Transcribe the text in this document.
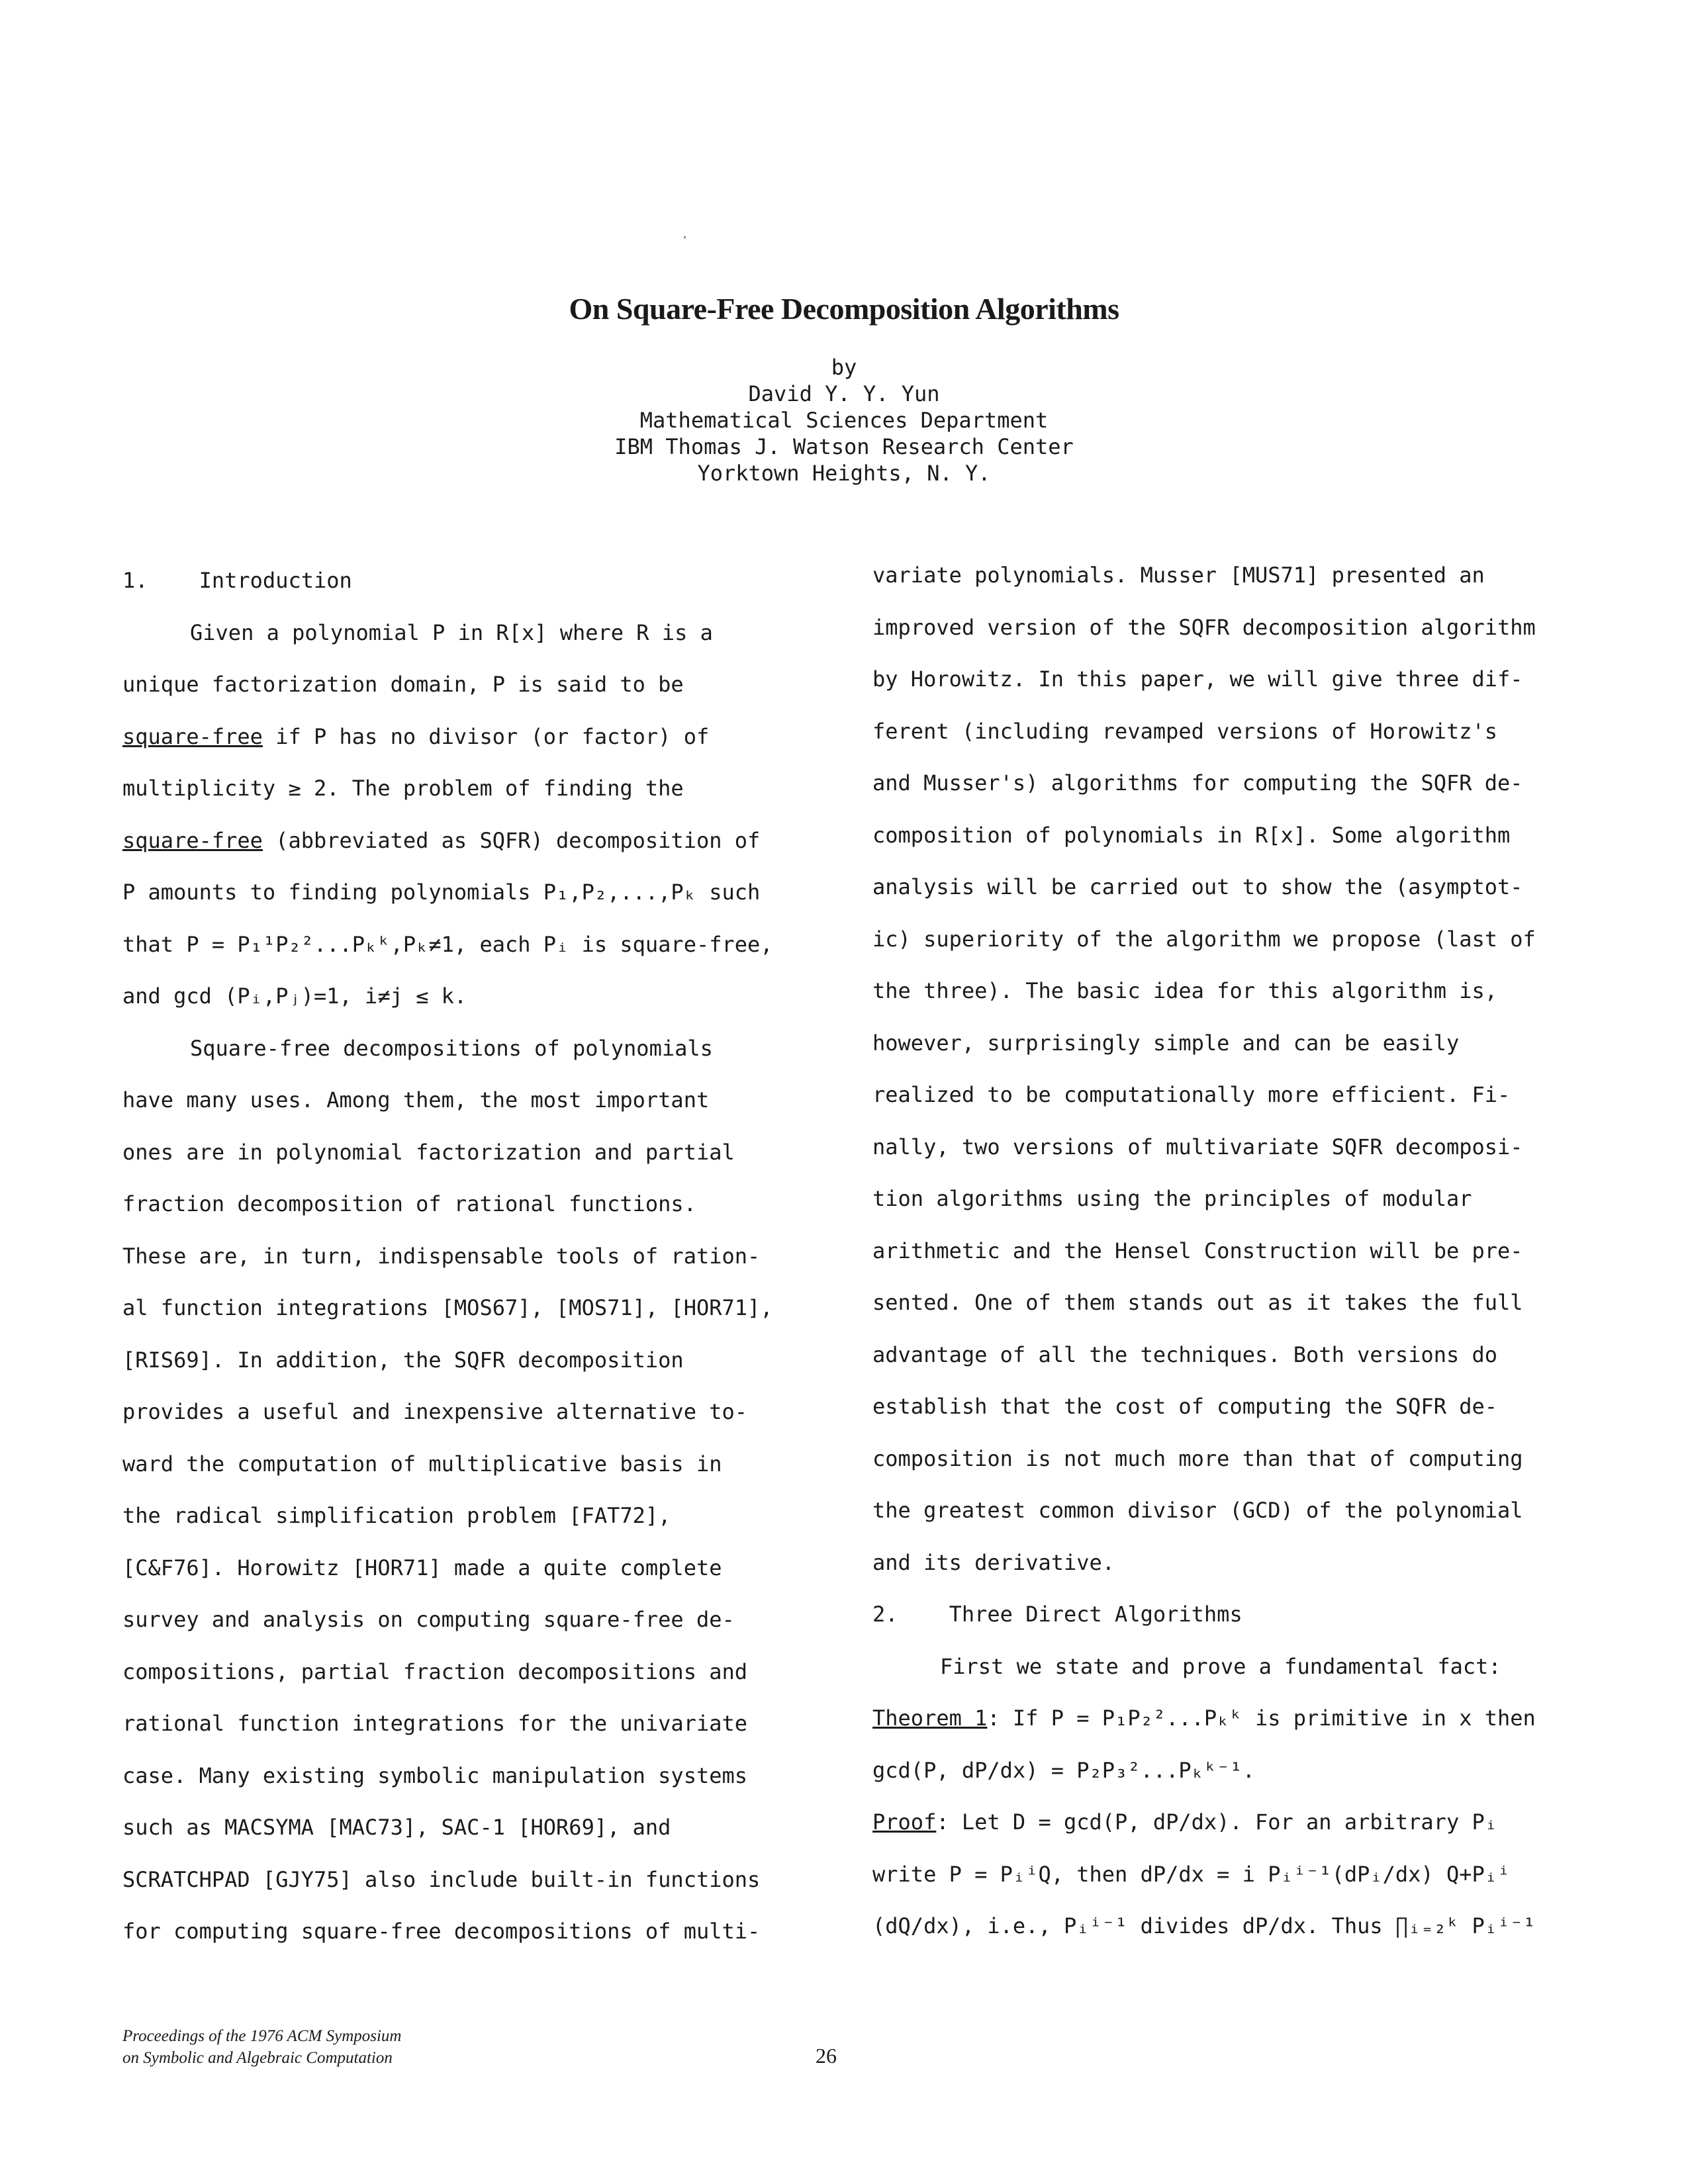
On Square-Free Decomposition Algorithms
by
David Y. Y. Yun
Mathematical Sciences Department
IBM Thomas J. Watson Research Center
Yorktown Heights, N. Y.
1. Introduction
Given a polynomial P in R[x] where R is a
unique factorization domain, P is said to be
square-free if P has no divisor (or factor) of
multiplicity ≥ 2. The problem of finding the
square-free (abbreviated as SQFR) decomposition of
P amounts to finding polynomials P₁,P₂,...,Pₖ such
that P = P₁¹P₂²...Pₖᵏ,Pₖ≠1, each Pᵢ is square-free,
and gcd (Pᵢ,Pⱼ)=1, i≠j ≤ k.
Square-free decompositions of polynomials
have many uses. Among them, the most important
ones are in polynomial factorization and partial
fraction decomposition of rational functions.
These are, in turn, indispensable tools of ration-
al function integrations [MOS67], [MOS71], [HOR71],
[RIS69]. In addition, the SQFR decomposition
provides a useful and inexpensive alternative to-
ward the computation of multiplicative basis in
the radical simplification problem [FAT72],
[C&F76]. Horowitz [HOR71] made a quite complete
survey and analysis on computing square-free de-
compositions, partial fraction decompositions and
rational function integrations for the univariate
case. Many existing symbolic manipulation systems
such as MACSYMA [MAC73], SAC-1 [HOR69], and
SCRATCHPAD [GJY75] also include built-in functions
for computing square-free decompositions of multi-
variate polynomials. Musser [MUS71] presented an
improved version of the SQFR decomposition algorithm
by Horowitz. In this paper, we will give three dif-
ferent (including revamped versions of Horowitz's
and Musser's) algorithms for computing the SQFR de-
composition of polynomials in R[x]. Some algorithm
analysis will be carried out to show the (asymptot-
ic) superiority of the algorithm we propose (last of
the three). The basic idea for this algorithm is,
however, surprisingly simple and can be easily
realized to be computationally more efficient. Fi-
nally, two versions of multivariate SQFR decomposi-
tion algorithms using the principles of modular
arithmetic and the Hensel Construction will be pre-
sented. One of them stands out as it takes the full
advantage of all the techniques. Both versions do
establish that the cost of computing the SQFR de-
composition is not much more than that of computing
the greatest common divisor (GCD) of the polynomial
and its derivative.
2. Three Direct Algorithms
First we state and prove a fundamental fact:
Theorem 1: If P = P₁P₂²...Pₖᵏ is primitive in x then
gcd(P, dP/dx) = P₂P₃²...Pₖᵏ⁻¹.
Proof: Let D = gcd(P, dP/dx). For an arbitrary Pᵢ
write P = PᵢⁱQ, then dP/dx = i Pᵢⁱ⁻¹(dPᵢ/dx) Q+Pᵢⁱ
(dQ/dx), i.e., Pᵢⁱ⁻¹ divides dP/dx. Thus ∏ᵢ₌₂ᵏ Pᵢⁱ⁻¹
Proceedings of the 1976 ACM Symposium
on Symbolic and Algebraic Computation	26
